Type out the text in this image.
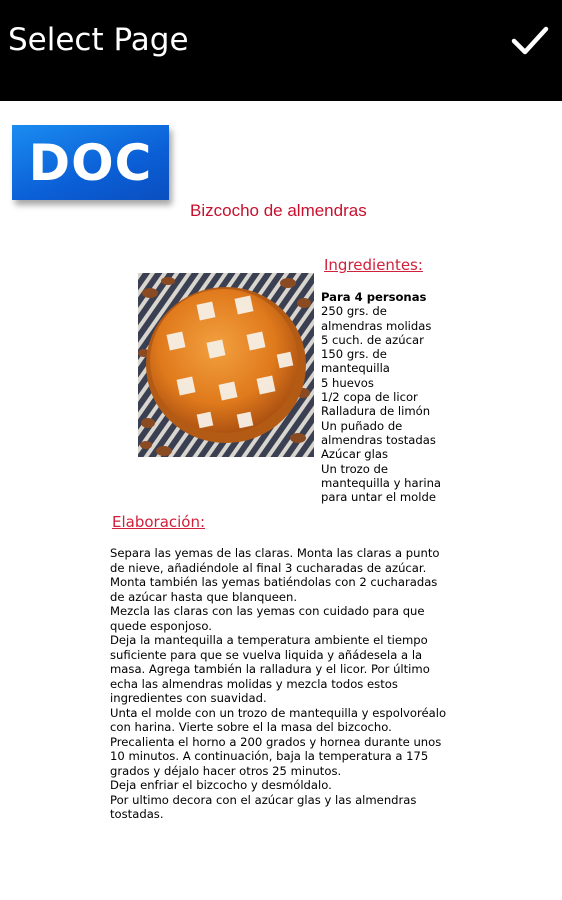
Select Page
DOC
Bizcocho de almendras
Ingredientes:
Para 4 personas
250 grs. de
almendras molidas
5 cuch. de azúcar
150 grs. de
mantequilla
5 huevos
1/2 copa de licor
Ralladura de limón
Un puñado de
almendras tostadas
Azúcar glas
Un trozo de
mantequilla y harina
para untar el molde
Elaboración:
Separa las yemas de las claras. Monta las claras a punto
de nieve, añadiéndole al final 3 cucharadas de azúcar.
Monta también las yemas batiéndolas con 2 cucharadas
de azúcar hasta que blanqueen.
Mezcla las claras con las yemas con cuidado para que
quede esponjoso.
Deja la mantequilla a temperatura ambiente el tiempo
suficiente para que se vuelva liquida y añádesela a la
masa. Agrega también la ralladura y el licor. Por último
echa las almendras molidas y mezcla todos estos
ingredientes con suavidad.
Unta el molde con un trozo de mantequilla y espolvoréalo
con harina. Vierte sobre el la masa del bizcocho.
Precalienta el horno a 200 grados y hornea durante unos
10 minutos. A continuación, baja la temperatura a 175
grados y déjalo hacer otros 25 minutos.
Deja enfriar el bizcocho y desmóldalo.
Por ultimo decora con el azúcar glas y las almendras
tostadas.
